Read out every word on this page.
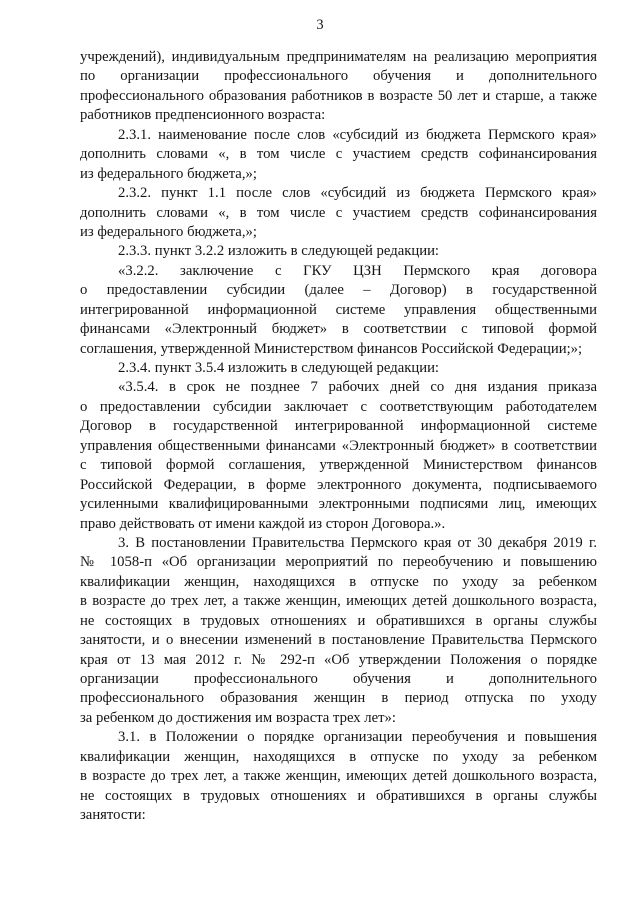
3
учреждений), индивидуальным предпринимателям на реализацию мероприятия
по организации профессионального обучения и дополнительного
профессионального образования работников в возрасте 50 лет и старше, а также
работников предпенсионного возраста:
2.3.1. наименование после слов «субсидий из бюджета Пермского края»
дополнить словами «, в том числе с участием средств софинансирования
из федерального бюджета,»;
2.3.2. пункт 1.1 после слов «субсидий из бюджета Пермского края»
дополнить словами «, в том числе с участием средств софинансирования
из федерального бюджета,»;
2.3.3. пункт 3.2.2 изложить в следующей редакции:
«3.2.2. заключение с ГКУ ЦЗН Пермского края договора
о предоставлении субсидии (далее – Договор) в государственной
интегрированной информационной системе управления общественными
финансами «Электронный бюджет» в соответствии с типовой формой
соглашения, утвержденной Министерством финансов Российской Федерации;»;
2.3.4. пункт 3.5.4 изложить в следующей редакции:
«3.5.4. в срок не позднее 7 рабочих дней со дня издания приказа
о предоставлении субсидии заключает с соответствующим работодателем
Договор в государственной интегрированной информационной системе
управления общественными финансами «Электронный бюджет» в соответствии
с типовой формой соглашения, утвержденной Министерством финансов
Российской Федерации, в форме электронного документа, подписываемого
усиленными квалифицированными электронными подписями лиц, имеющих
право действовать от имени каждой из сторон Договора.».
3. В постановлении Правительства Пермского края от 30 декабря 2019 г.
№ 1058-п «Об организации мероприятий по переобучению и повышению
квалификации женщин, находящихся в отпуске по уходу за ребенком
в возрасте до трех лет, а также женщин, имеющих детей дошкольного возраста,
не состоящих в трудовых отношениях и обратившихся в органы службы
занятости, и о внесении изменений в постановление Правительства Пермского
края от 13 мая 2012 г. № 292-п «Об утверждении Положения о порядке
организации профессионального обучения и дополнительного
профессионального образования женщин в период отпуска по уходу
за ребенком до достижения им возраста трех лет»:
3.1. в Положении о порядке организации переобучения и повышения
квалификации женщин, находящихся в отпуске по уходу за ребенком
в возрасте до трех лет, а также женщин, имеющих детей дошкольного возраста,
не состоящих в трудовых отношениях и обратившихся в органы службы
занятости:
